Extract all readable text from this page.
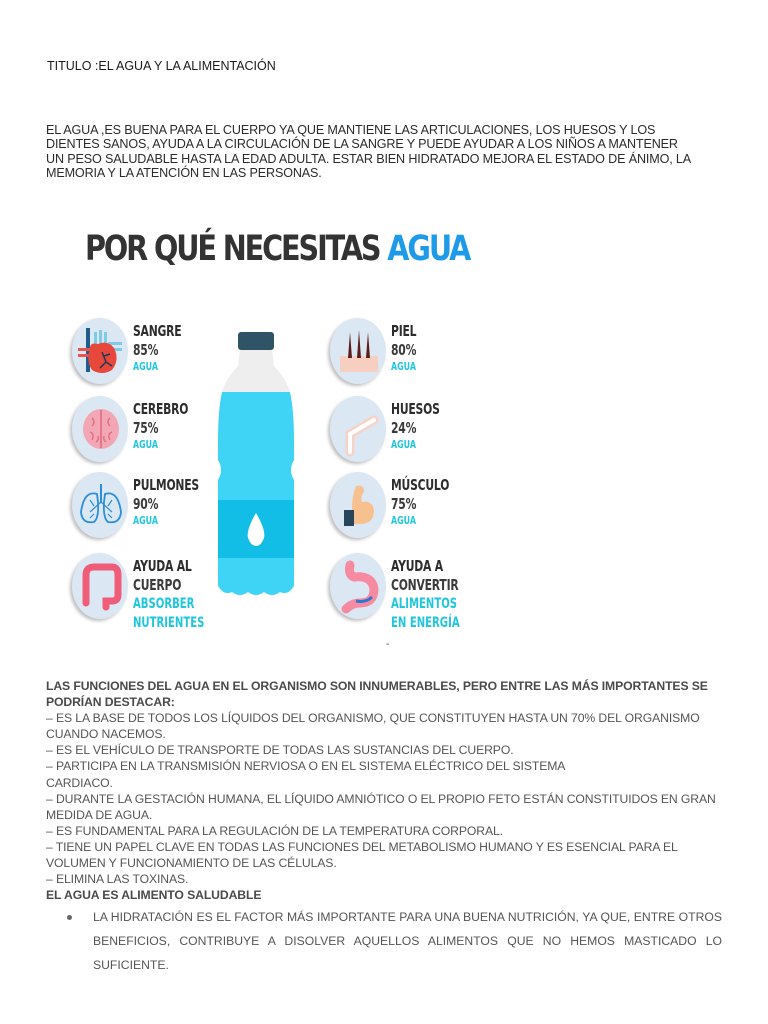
TITULO :EL AGUA Y LA ALIMENTACIÓN
EL AGUA ,ES BUENA PARA EL CUERPO YA QUE MANTIENE LAS ARTICULACIONES, LOS HUESOS Y LOS
DIENTES SANOS, AYUDA A LA CIRCULACIÓN DE LA SANGRE Y PUEDE AYUDAR A LOS NIÑOS A MANTENER
UN PESO SALUDABLE HASTA LA EDAD ADULTA. ESTAR BIEN HIDRATADO MEJORA EL ESTADO DE ÁNIMO, LA
MEMORIA Y LA ATENCIÓN EN LAS PERSONAS.
POR QUÉ NECESITAS AGUA
SANGRE
85%
AGUA
CEREBRO
75%
AGUA
PULMONES
90%
AGUA
AYUDA AL
CUERPO
ABSORBER
NUTRIENTES
PIEL
80%
AGUA
HUESOS
24%
AGUA
MÚSCULO
75%
AGUA
AYUDA A
CONVERTIR
ALIMENTOS
EN ENERGÍA
-

LAS FUNCIONES DEL AGUA EN EL ORGANISMO SON INNUMERABLES, PERO ENTRE LAS MÁS IMPORTANTES SE PODRÍAN DESTACAR:

– ES LA BASE DE TODOS LOS LÍQUIDOS DEL ORGANISMO, QUE CONSTITUYEN HASTA UN 70% DEL ORGANISMO CUANDO NACEMOS.

– ES EL VEHÍCULO DE TRANSPORTE DE TODAS LAS SUSTANCIAS DEL CUERPO.

– PARTICIPA EN LA TRANSMISIÓN NERVIOSA O EN EL SISTEMA ELÉCTRICO DEL SISTEMA

CARDIACO.

– DURANTE LA GESTACIÓN HUMANA, EL LÍQUIDO AMNIÓTICO O EL PROPIO FETO ESTÁN CONSTITUIDOS EN GRAN MEDIDA DE AGUA.

– ES FUNDAMENTAL PARA LA REGULACIÓN DE LA TEMPERATURA CORPORAL.

– TIENE UN PAPEL CLAVE EN TODAS LAS FUNCIONES DEL METABOLISMO HUMANO Y ES ESENCIAL PARA EL VOLUMEN Y FUNCIONAMIENTO DE LAS CÉLULAS.

– ELIMINA LAS TOXINAS.

EL AGUA ES ALIMENTO SALUDABLE

LA HIDRATACIÓN ES EL FACTOR MÁS IMPORTANTE PARA UNA BUENA NUTRICIÓN, YA QUE, ENTRE OTROS BENEFICIOS, CONTRIBUYE A DISOLVER AQUELLOS ALIMENTOS QUE NO HEMOS MASTICADO LO SUFICIENTE.
